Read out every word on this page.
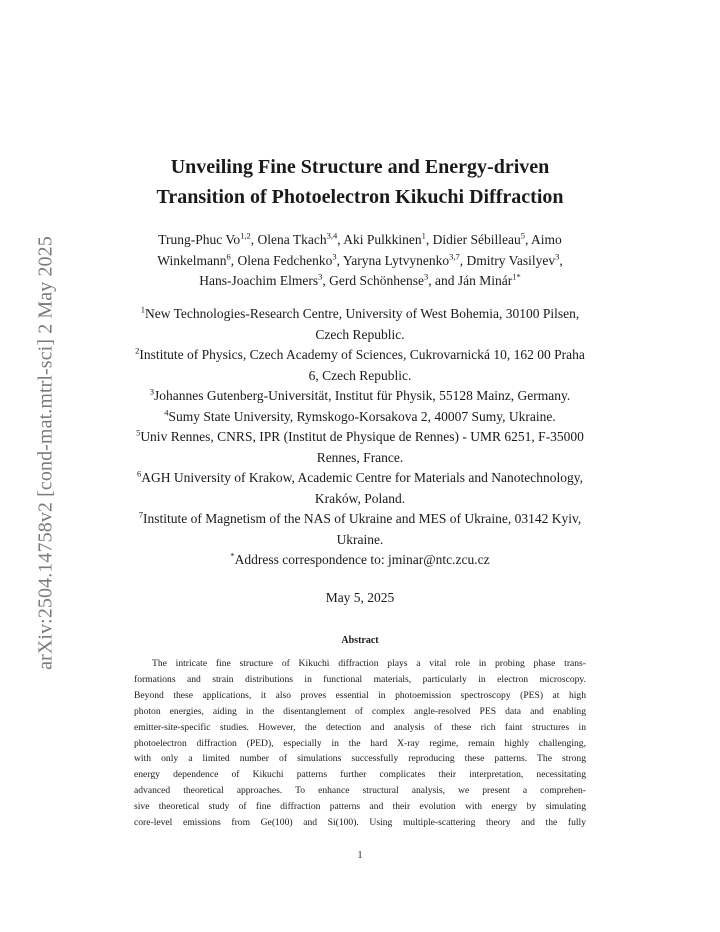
arXiv:2504.14758v2 [cond-mat.mtrl-sci] 2 May 2025
Unveiling Fine Structure and Energy-driven
Transition of Photoelectron Kikuchi Diffraction
Trung-Phuc Vo$^{1,2}$, Olena Tkach$^{3,4}$, Aki Pulkkinen$^1$, Didier Sébilleau$^5$, Aimo
Winkelmann$^6$, Olena Fedchenko$^3$, Yaryna Lytvynenko$^{3,7}$, Dmitry Vasilyev$^3$,
Hans-Joachim Elmers$^3$, Gerd Schönhense$^3$, and Ján Minár$^{1*}$
$^1$New Technologies-Research Centre, University of West Bohemia, 30100 Pilsen,
Czech Republic.
$^2$Institute of Physics, Czech Academy of Sciences, Cukrovarnická 10, 162 00 Praha
6, Czech Republic.
$^3$Johannes Gutenberg-Universität, Institut für Physik, 55128 Mainz, Germany.
$^4$Sumy State University, Rymskogo-Korsakova 2, 40007 Sumy, Ukraine.
$^5$Univ Rennes, CNRS, IPR (Institut de Physique de Rennes) - UMR 6251, F-35000
Rennes, France.
$^6$AGH University of Krakow, Academic Centre for Materials and Nanotechnology,
Kraków, Poland.
$^7$Institute of Magnetism of the NAS of Ukraine and MES of Ukraine, 03142 Kyiv,
Ukraine.
*Address correspondence to: jminar@ntc.zcu.cz
May 5, 2025
Abstract
The intricate fine structure of Kikuchi diffraction plays a vital role in probing phase trans-
formations and strain distributions in functional materials, particularly in electron microscopy.
Beyond these applications, it also proves essential in photoemission spectroscopy (PES) at high
photon energies, aiding in the disentanglement of complex angle-resolved PES data and enabling
emitter-site-specific studies. However, the detection and analysis of these rich faint structures in
photoelectron diffraction (PED), especially in the hard X-ray regime, remain highly challenging,
with only a limited number of simulations successfully reproducing these patterns. The strong
energy dependence of Kikuchi patterns further complicates their interpretation, necessitating
advanced theoretical approaches. To enhance structural analysis, we present a comprehen-
sive theoretical study of fine diffraction patterns and their evolution with energy by simulating
core-level emissions from Ge(100) and Si(100). Using multiple-scattering theory and the fully
1
